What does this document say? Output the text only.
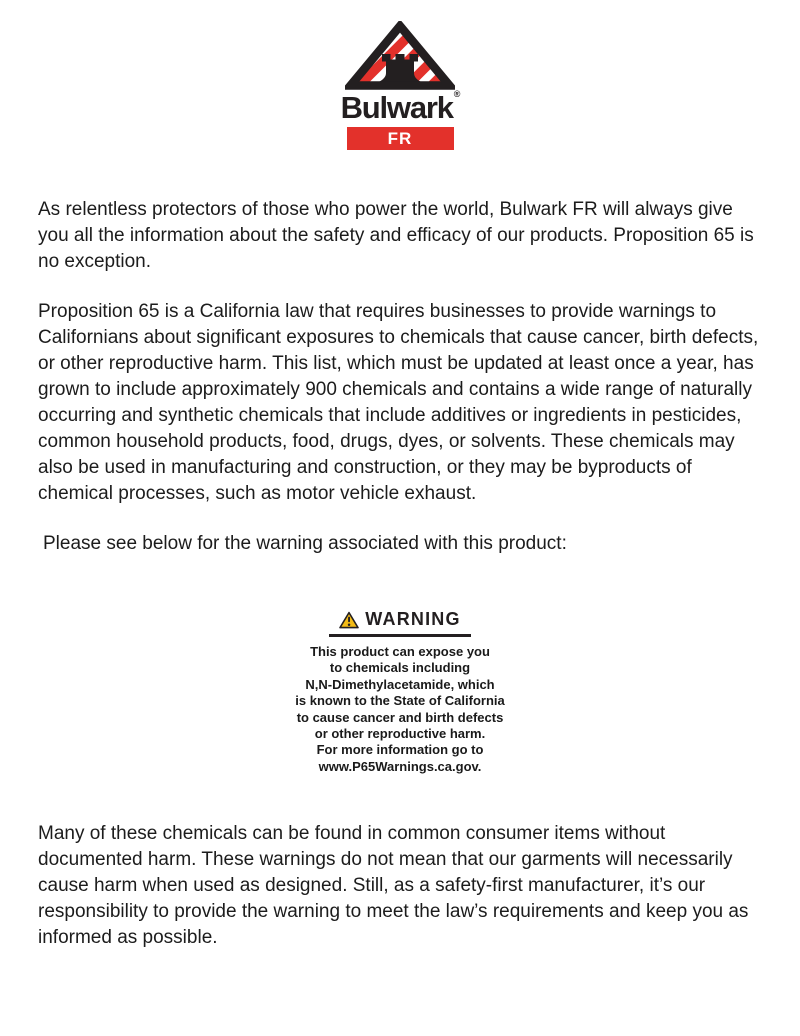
Bulwark®
FR

As relentless protectors of those who power the world, Bulwark FR will always give you all the information about the safety and efficacy of our products. Proposition 65 is no exception.

Proposition 65 is a California law that requires businesses to provide warnings to Californians about significant exposures to chemicals that cause cancer, birth defects, or other reproductive harm. This list, which must be updated at least once a year, has grown to include approximately 900 chemicals and contains a wide range of naturally occurring and synthetic chemicals that include additives or ingredients in pesticides, common household products, food, drugs, dyes, or solvents. These chemicals may also be used in manufacturing and construction, or they may be byproducts of chemical processes, such as motor vehicle exhaust.

Please see below for the warning associated with this product:

WARNING
This product can expose you
to chemicals including
N,N-Dimethylacetamide, which
is known to the State of California
to cause cancer and birth defects
or other reproductive harm.
For more information go to
www.P65Warnings.ca.gov.

Many of these chemicals can be found in common consumer items without documented harm. These warnings do not mean that our garments will necessarily cause harm when used as designed. Still, as a safety-first manufacturer, it’s our responsibility to provide the warning to meet the law’s requirements and keep you as informed as possible.
